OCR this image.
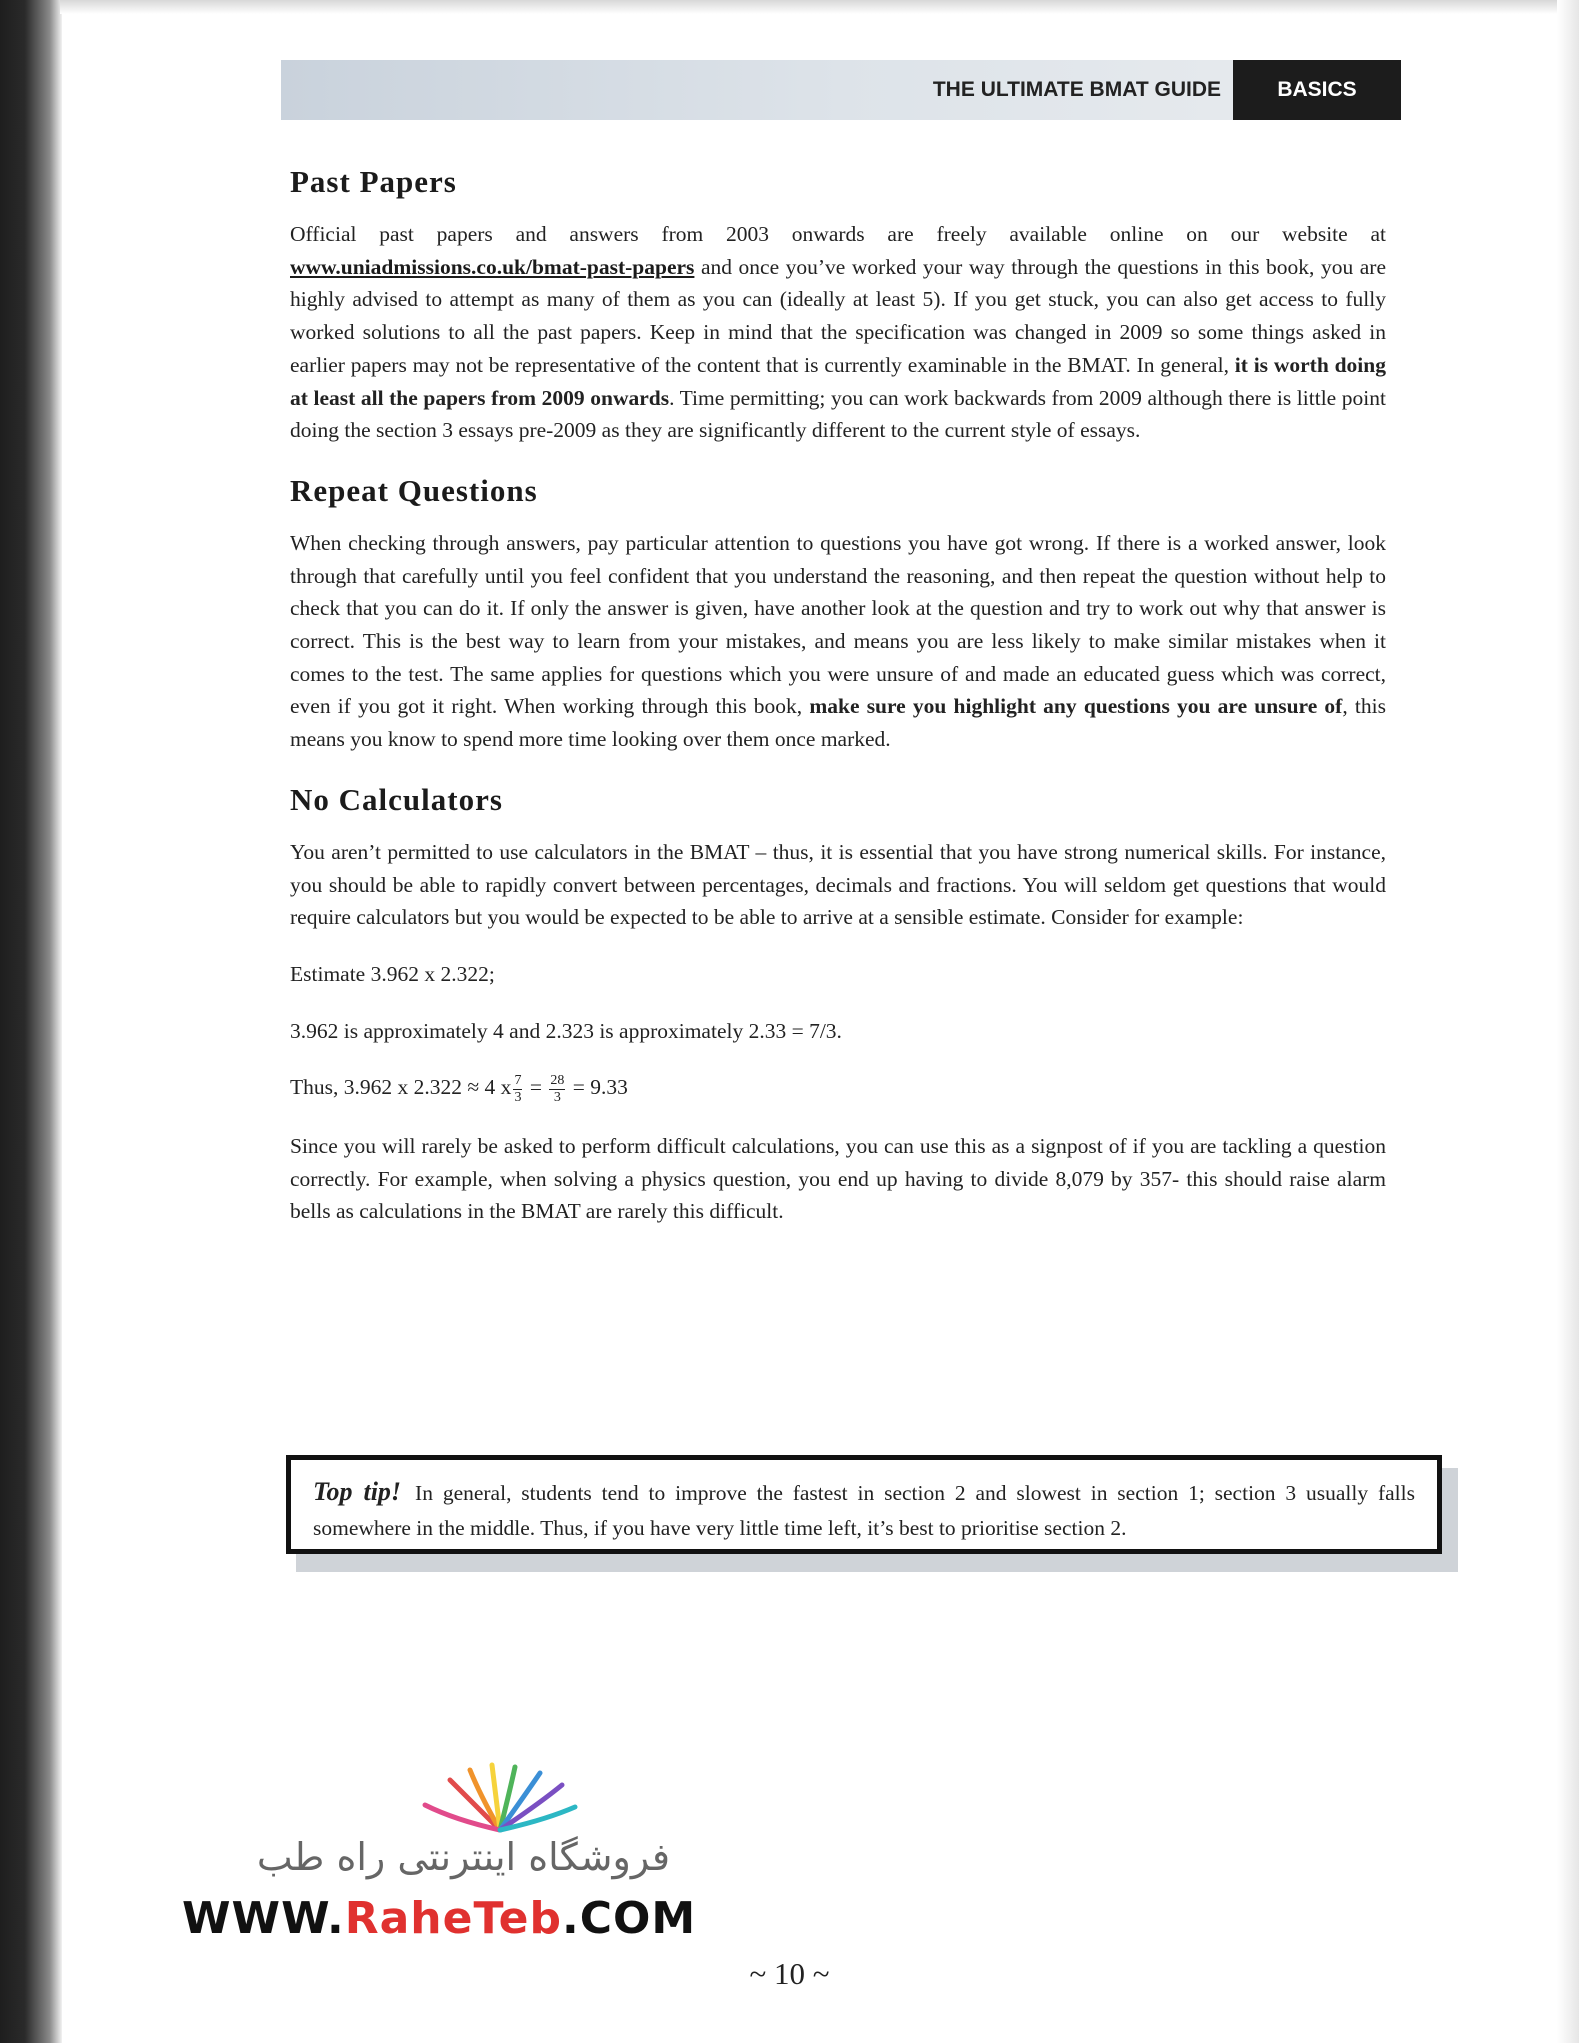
THE ULTIMATE BMAT GUIDE	BASICS
Past Papers

Official past papers and answers from 2003 onwards are freely available online on our website at www.uniadmissions.co.uk/bmat-past-papers and once you’ve worked your way through the questions in this book, you are highly advised to attempt as many of them as you can (ideally at least 5). If you get stuck, you can also get access to fully worked solutions to all the past papers. Keep in mind that the specification was changed in 2009 so some things asked in earlier papers may not be representative of the content that is currently examinable in the BMAT. In general, it is worth doing at least all the papers from 2009 onwards. Time permitting; you can work backwards from 2009 although there is little point doing the section 3 essays pre-2009 as they are significantly different to the current style of essays.

Repeat Questions

When checking through answers, pay particular attention to questions you have got wrong. If there is a worked answer, look through that carefully until you feel confident that you understand the reasoning, and then repeat the question without help to check that you can do it. If only the answer is given, have another look at the question and try to work out why that answer is correct. This is the best way to learn from your mistakes, and means you are less likely to make similar mistakes when it comes to the test. The same applies for questions which you were unsure of and made an educated guess which was correct, even if you got it right. When working through this book, make sure you highlight any questions you are unsure of, this means you know to spend more time looking over them once marked.

No Calculators

You aren’t permitted to use calculators in the BMAT – thus, it is essential that you have strong numerical skills. For instance, you should be able to rapidly convert between percentages, decimals and fractions. You will seldom get questions that would require calculators but you would be expected to be able to arrive at a sensible estimate. Consider for example:

Estimate 3.962 x 2.322;

3.962 is approximately 4 and 2.323 is approximately 2.33 = 7/3.

Thus, 3.962 x 2.322 ≈ 4 x $\frac{7}{3} = \frac{28}{3} = 9.33$

Since you will rarely be asked to perform difficult calculations, you can use this as a signpost of if you are tackling a question correctly. For example, when solving a physics question, you end up having to divide 8,079 by 357- this should raise alarm bells as calculations in the BMAT are rarely this difficult.

Top tip! In general, students tend to improve the fastest in section 2 and slowest in section 1; section 3 usually falls somewhere in the middle. Thus, if you have very little time left, it’s best to prioritise section 2.

فروشگاه اینترنتی راه طب
WWW.RaheTeb.COM
~ 10 ~
